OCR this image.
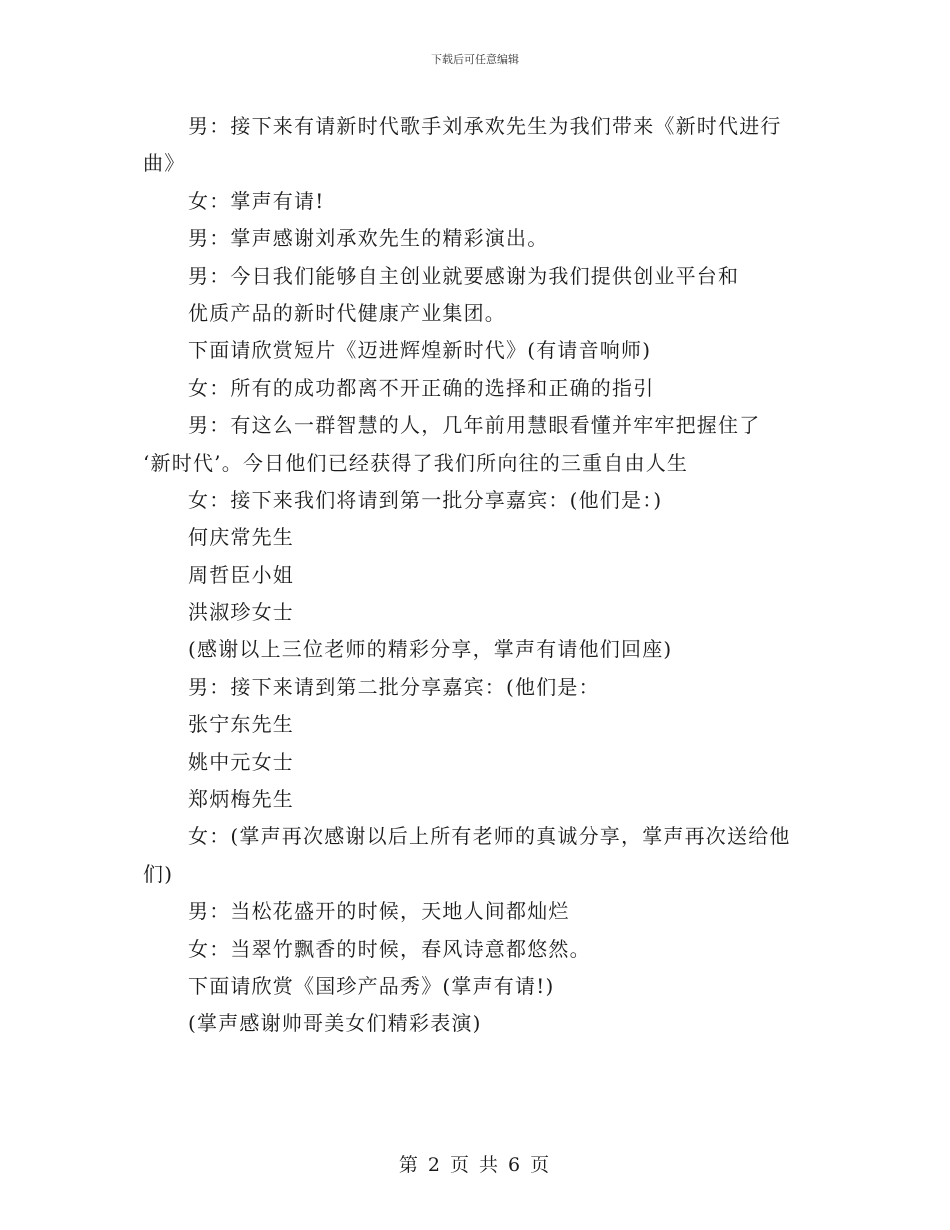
下载后可任意编辑
男：接下来有请新时代歌手刘承欢先生为我们带来《新时代进行
曲》
女：掌声有请!
男：掌声感谢刘承欢先生的精彩演出。
男：今日我们能够自主创业就要感谢为我们提供创业平台和
优质产品的新时代健康产业集团。
下面请欣赏短片《迈进辉煌新时代》(有请音响师)
女：所有的成功都离不开正确的选择和正确的指引
男：有这么一群智慧的人，几年前用慧眼看懂并牢牢把握住了
‘新时代’。今日他们已经获得了我们所向往的三重自由人生
女：接下来我们将请到第一批分享嘉宾：(他们是：)
何庆常先生
周哲臣小姐
洪淑珍女士
(感谢以上三位老师的精彩分享，掌声有请他们回座)
男：接下来请到第二批分享嘉宾：(他们是：
张宁东先生
姚中元女士
郑炳梅先生
女：(掌声再次感谢以后上所有老师的真诚分享，掌声再次送给他
们)
男：当松花盛开的时候，天地人间都灿烂
女：当翠竹飘香的时候，春风诗意都悠然。
下面请欣赏《国珍产品秀》(掌声有请!)
(掌声感谢帅哥美女们精彩表演)
第 2 页 共 6 页
